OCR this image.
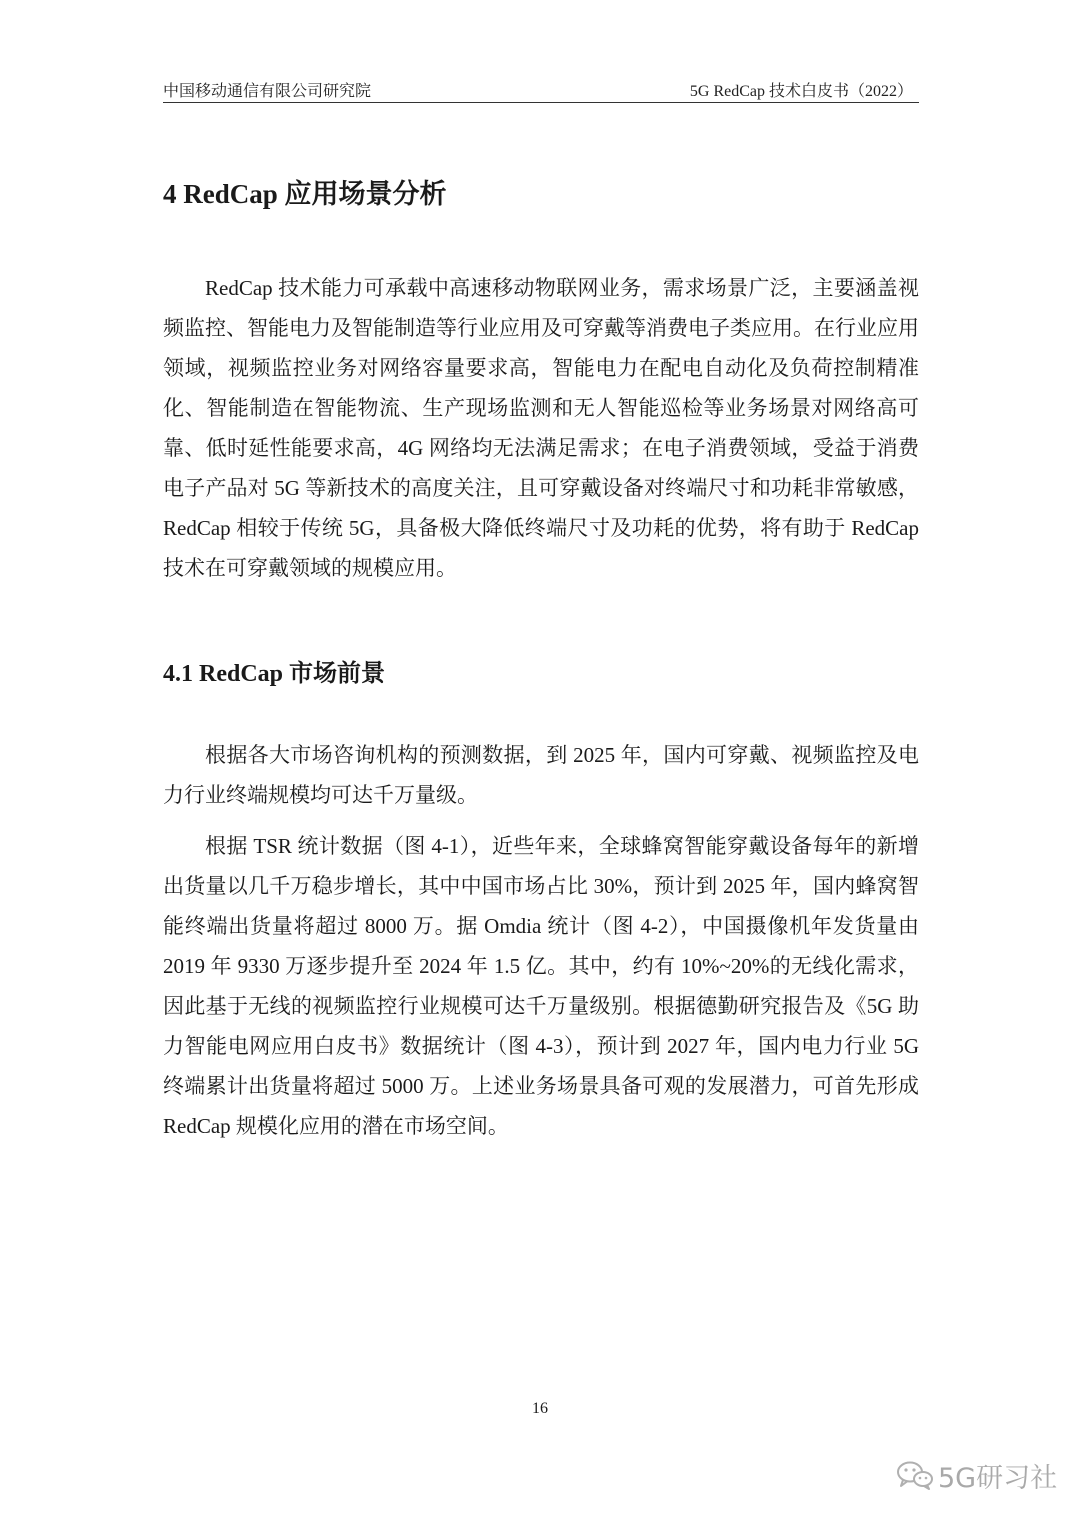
中国移动通信有限公司研究院	5G RedCap 技术白皮书（2022）
4 RedCap 应用场景分析

RedCap 技术能力可承载中高速移动物联网业务，需求场景广泛，主要涵盖视频监控、智能电力及智能制造等行业应用及可穿戴等消费电子类应用。在行业应用领域，视频监控业务对网络容量要求高，智能电力在配电自动化及负荷控制精准化、智能制造在智能物流、生产现场监测和无人智能巡检等业务场景对网络高可靠、低时延性能要求高，4G 网络均无法满足需求；在电子消费领域，受益于消费电子产品对 5G 等新技术的高度关注，且可穿戴设备对终端尺寸和功耗非常敏感，RedCap 相较于传统 5G，具备极大降低终端尺寸及功耗的优势，将有助于 RedCap 技术在可穿戴领域的规模应用。

4.1 RedCap 市场前景

根据各大市场咨询机构的预测数据，到 2025 年，国内可穿戴、视频监控及电力行业终端规模均可达千万量级。

根据 TSR 统计数据（图 4-1），近些年来，全球蜂窝智能穿戴设备每年的新增出货量以几千万稳步增长，其中中国市场占比 30%，预计到 2025 年，国内蜂窝智能终端出货量将超过 8000 万。据 Omdia 统计（图 4-2），中国摄像机年发货量由 2019 年 9330 万逐步提升至 2024 年 1.5 亿。其中，约有 10%~20%的无线化需求，因此基于无线的视频监控行业规模可达千万量级别。根据德勤研究报告及《5G 助力智能电网应用白皮书》数据统计（图 4-3），预计到 2027 年，国内电力行业 5G 终端累计出货量将超过 5000 万。上述业务场景具备可观的发展潜力，可首先形成 RedCap 规模化应用的潜在市场空间。

16
5G研习社
